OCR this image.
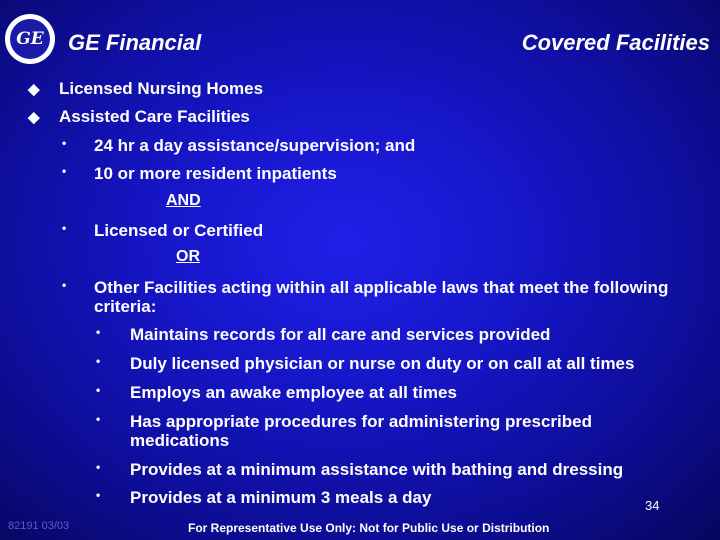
GE GE Financial	Covered Facilities
◆ Licensed Nursing Homes
◆ Assisted Care Facilities
• 24 hr a day assistance/supervision; and
• 10 or more resident inpatients
AND
• Licensed or Certified
OR
• Other Facilities acting within all applicable laws that meet the following criteria:
• Maintains records for all care and services provided
• Duly licensed physician or nurse on duty or on call at all times
• Employs an awake employee at all times
• Has appropriate procedures for administering prescribed medications
• Provides at a minimum assistance with bathing and dressing
• Provides at a minimum 3 meals a day	34
82191 03/03	For Representative Use Only: Not for Public Use or Distribution
